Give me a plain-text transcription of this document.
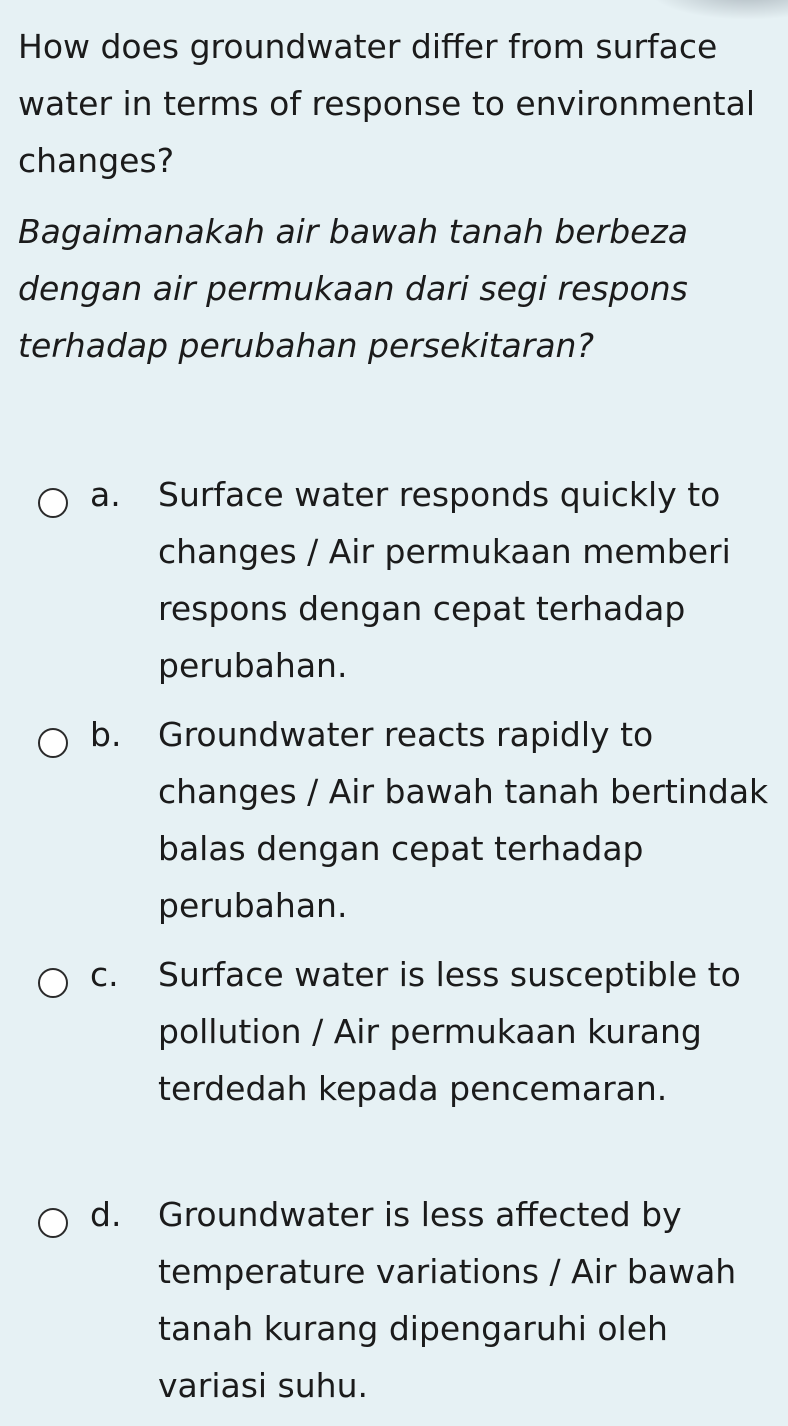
How does groundwater differ from surface water in terms of response to environmental changes?

Bagaimanakah air bawah tanah berbeza dengan air permukaan dari segi respons terhadap perubahan persekitaran?

a. Surface water responds quickly to changes / Air permukaan memberi respons dengan cepat terhadap perubahan.
b. Groundwater reacts rapidly to changes / Air bawah tanah bertindak balas dengan cepat terhadap perubahan.
c. Surface water is less susceptible to pollution / Air permukaan kurang terdedah kepada pencemaran.
d. Groundwater is less affected by temperature variations / Air bawah tanah kurang dipengaruhi oleh variasi suhu.
